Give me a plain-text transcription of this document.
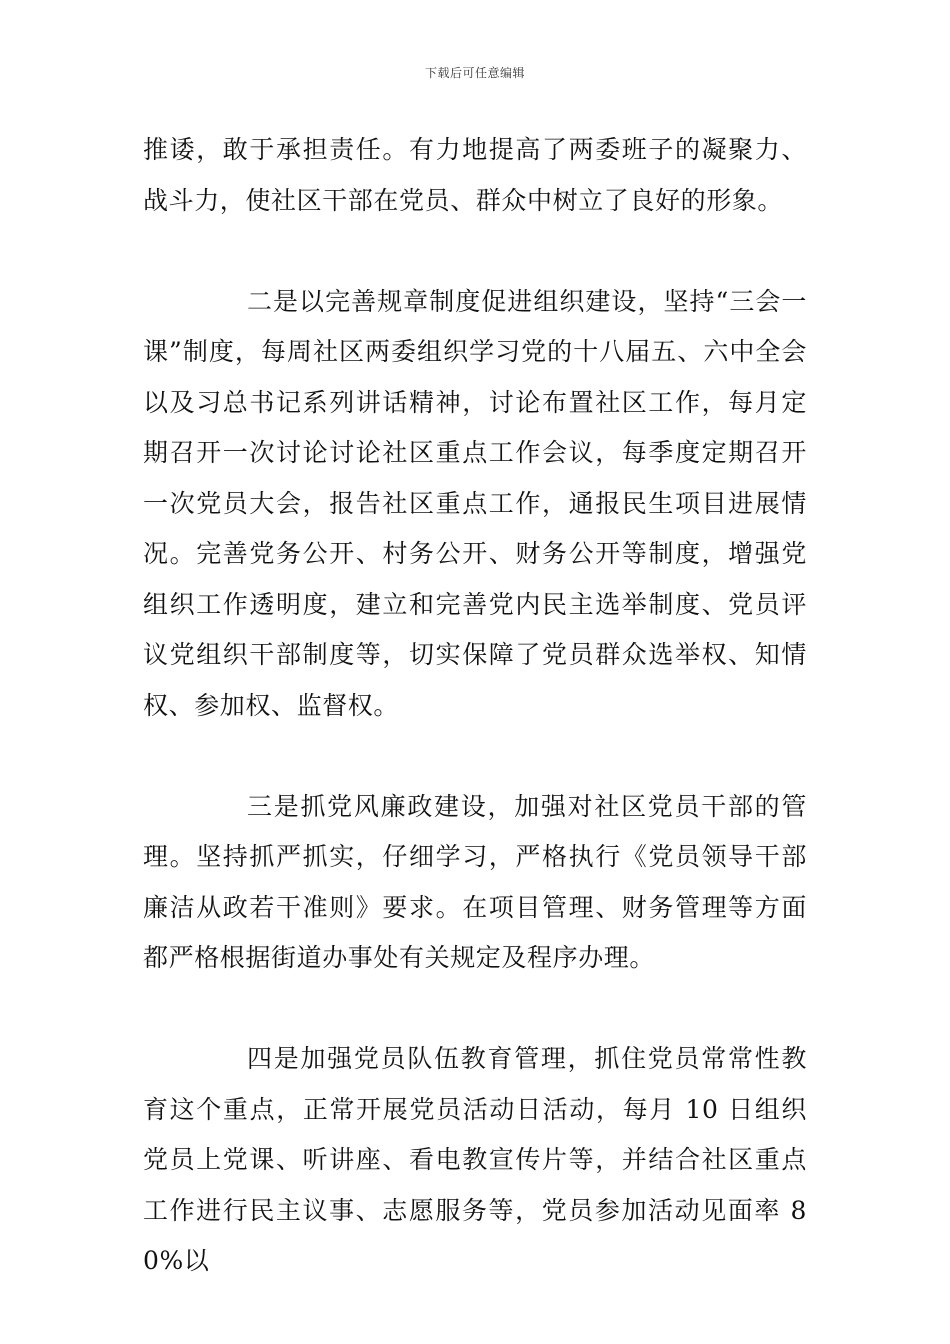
下载后可任意编辑

推诿，敢于承担责任。有力地提高了两委班子的凝聚力、战斗力，使社区干部在党员、群众中树立了良好的形象。

二是以完善规章制度促进组织建设，坚持“三会一课”制度，每周社区两委组织学习党的十八届五、六中全会以及习总书记系列讲话精神，讨论布置社区工作，每月定期召开一次讨论讨论社区重点工作会议，每季度定期召开一次党员大会，报告社区重点工作，通报民生项目进展情况。完善党务公开、村务公开、财务公开等制度，增强党组织工作透明度，建立和完善党内民主选举制度、党员评议党组织干部制度等，切实保障了党员群众选举权、知情权、参加权、监督权。

三是抓党风廉政建设，加强对社区党员干部的管理。坚持抓严抓实，仔细学习，严格执行《党员领导干部廉洁从政若干准则》要求。在项目管理、财务管理等方面都严格根据街道办事处有关规定及程序办理。

四是加强党员队伍教育管理，抓住党员常常性教育这个重点，正常开展党员活动日活动，每月 10 日组织党员上党课、听讲座、看电教宣传片等，并结合社区重点工作进行民主议事、志愿服务等，党员参加活动见面率 80%以
